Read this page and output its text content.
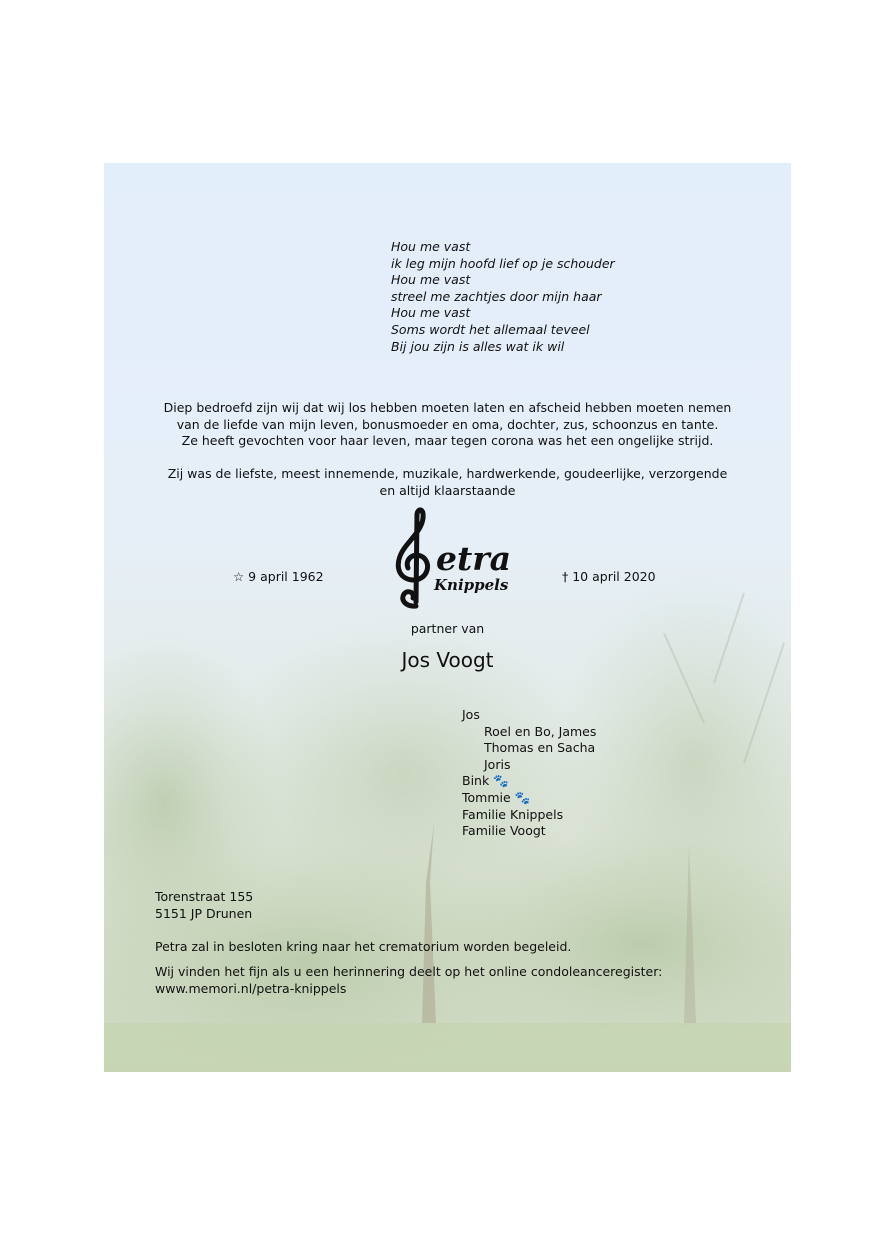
Hou me vast
ik leg mijn hoofd lief op je schouder
Hou me vast
streel me zachtjes door mijn haar
Hou me vast
Soms wordt het allemaal teveel
Bij jou zijn is alles wat ik wil
Diep bedroefd zijn wij dat wij los hebben moeten laten en afscheid hebben moeten nemen
van de liefde van mijn leven, bonusmoeder en oma, dochter, zus, schoonzus en tante.
Ze heeft gevochten voor haar leven, maar tegen corona was het een ongelijke strijd.
Zij was de liefste, meest innemende, muzikale, hardwerkende, goudeerlijke, verzorgende
en altijd klaarstaande
☆ 9 april 1962	etra
Knippels	† 10 april 2020
partner van
Jos Voogt
Jos
Roel en Bo, James
Thomas en Sacha
Joris
Bink 🐾
Tommie 🐾
Familie Knippels
Familie Voogt
Torenstraat 155
5151 JP Drunen
Petra zal in besloten kring naar het crematorium worden begeleid.
Wij vinden het fijn als u een herinnering deelt op het online condoleanceregister:
www.memori.nl/petra-knippels
